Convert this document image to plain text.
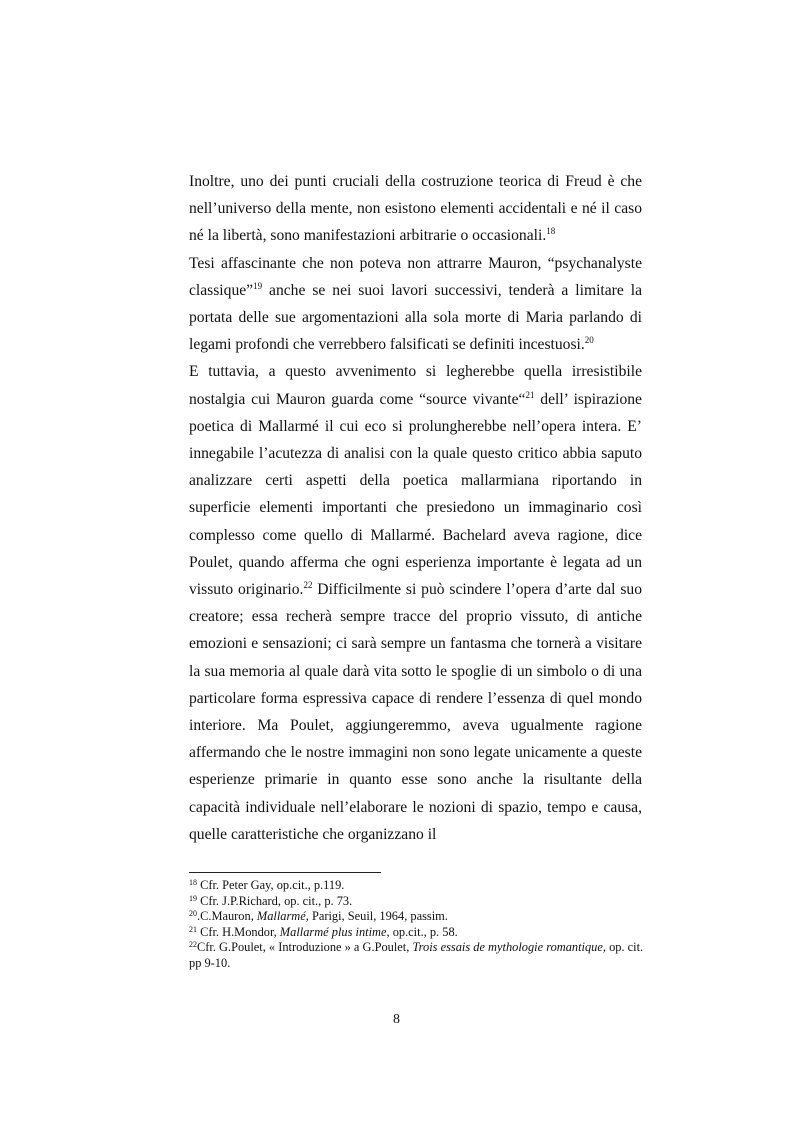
Inoltre, uno dei punti cruciali della costruzione teorica di Freud è che nell’universo della mente, non esistono elementi accidentali e né il caso né la libertà, sono manifestazioni arbitrarie o occasionali.$^{18}$

Tesi affascinante che non poteva non attrarre Mauron, “psychanalyste classique”$^{19}$ anche se nei suoi lavori successivi, tenderà a limitare la portata delle sue argomentazioni alla sola morte di Maria parlando di legami profondi che verrebbero falsificati se definiti incestuosi.$^{20}$

E tuttavia, a questo avvenimento si legherebbe quella irresistibile nostalgia cui Mauron guarda come “source vivante“$^{21}$ dell’ ispirazione poetica di Mallarmé il cui eco si prolungherebbe nell’opera intera. E’ innegabile l’acutezza di analisi con la quale questo critico abbia saputo analizzare certi aspetti della poetica mallarmiana riportando in superficie elementi importanti che presiedono un immaginario così complesso come quello di Mallarmé. Bachelard aveva ragione, dice Poulet, quando afferma che ogni esperienza importante è legata ad un vissuto originario.$^{22}$ Difficilmente si può scindere l’opera d’arte dal suo creatore; essa recherà sempre tracce del proprio vissuto, di antiche emozioni e sensazioni; ci sarà sempre un fantasma che tornerà a visitare la sua memoria al quale darà vita sotto le spoglie di un simbolo o di una particolare forma espressiva capace di rendere l’essenza di quel mondo interiore. Ma Poulet, aggiungeremmo, aveva ugualmente ragione affermando che le nostre immagini non sono legate unicamente a queste esperienze primarie in quanto esse sono anche la risultante della capacità individuale nell’elaborare le nozioni di spazio, tempo e causa, quelle caratteristiche che organizzano il

$^{18}$ Cfr. Peter Gay, op.cit., p.119.
$^{19}$ Cfr. J.P.Richard, op. cit., p. 73.
$^{20}$.C.Mauron, Mallarmé, Parigi, Seuil, 1964, passim.
$^{21}$ Cfr. H.Mondor, Mallarmé plus intime, op.cit., p. 58.
$^{22}$Cfr. G.Poulet, « Introduzione » a G.Poulet, Trois essais de mythologie romantique, op. cit. pp 9-10.
8
